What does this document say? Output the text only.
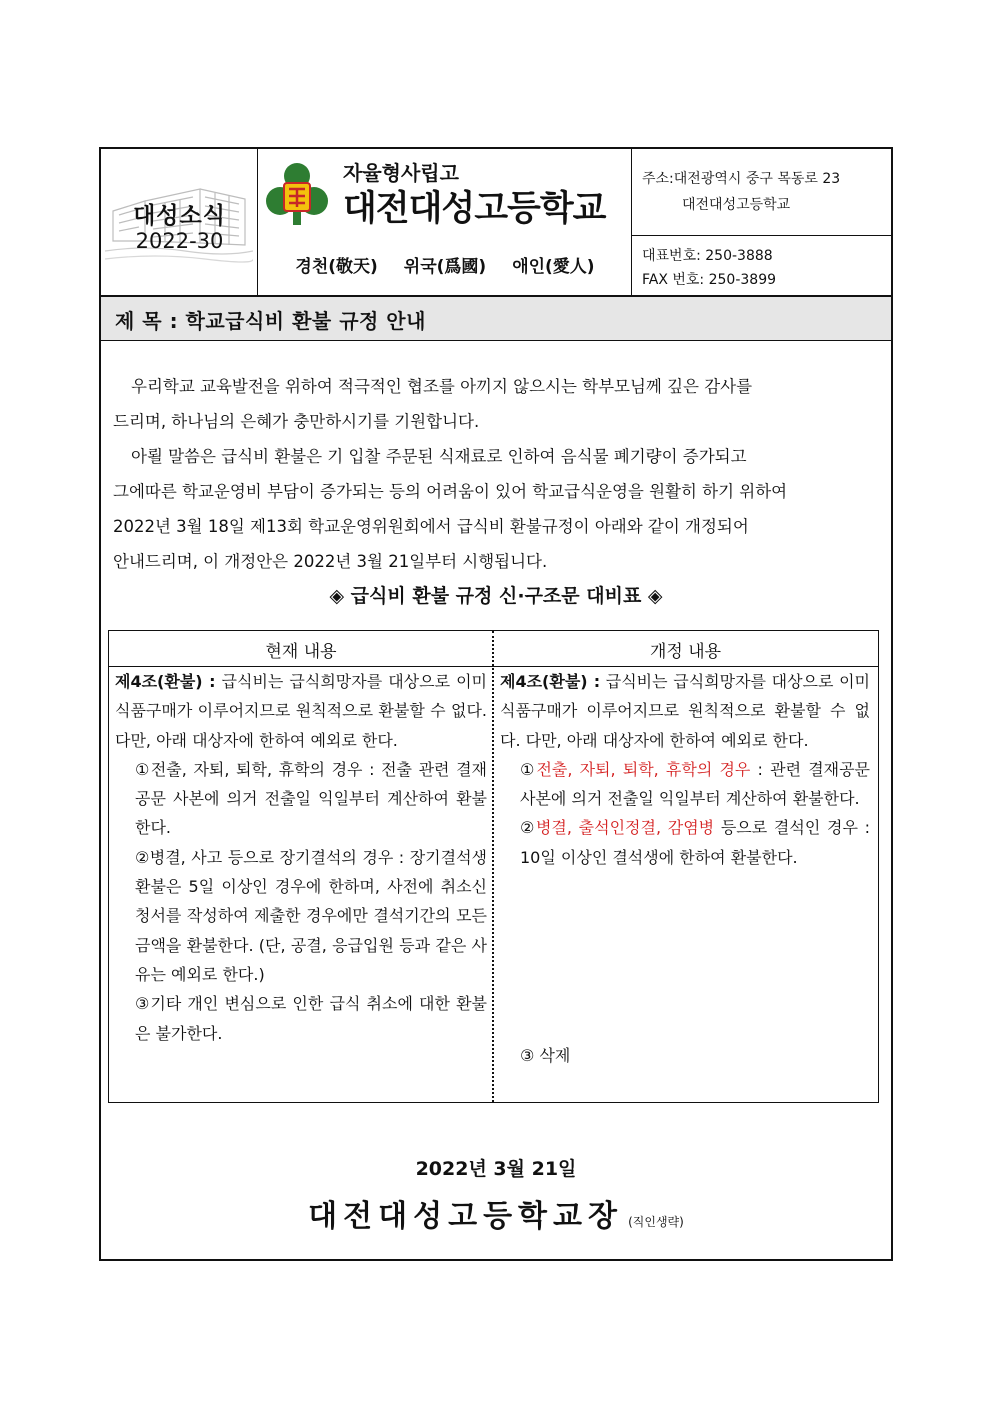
대성소식
2022-30
자율형사립고
대전대성고등학교
경천(敬天) 위국(爲國) 애인(愛人)
주소:대전광역시 중구 목동로 23
대전대성고등학교
대표번호: 250-3888
FAX 번호: 250-3899
제 목 : 학교급식비 환불 규정 안내

우리학교 교육발전을 위하여 적극적인 협조를 아끼지 않으시는 학부모님께 깊은 감사를

드리며, 하나님의 은혜가 충만하시기를 기원합니다.

아뢸 말씀은 급식비 환불은 기 입찰 주문된 식재료로 인하여 음식물 폐기량이 증가되고

그에따른 학교운영비 부담이 증가되는 등의 어려움이 있어 학교급식운영을 원활히 하기 위하여

2022년 3월 18일 제13회 학교운영위원회에서 급식비 환불규정이 아래와 같이 개정되어

안내드리며, 이 개정안은 2022년 3월 21일부터 시행됩니다.

◈ 급식비 환불 규정 신·구조문 대비표 ◈
현재 내용	개정 내용
제4조(환불) : 급식비는 급식희망자를 대상으로 이미 식품구매가 이루어지므로 원칙적으로 환불할 수 없다. 다만, 아래 대상자에 한하여 예외로 한다.
①전출, 자퇴, 퇴학, 휴학의 경우 : 전출 관련 결재공문 사본에 의거 전출일 익일부터 계산하여 환불한다.
②병결, 사고 등으로 장기결석의 경우 : 장기결석생 환불은 5일 이상인 경우에 한하며, 사전에 취소신청서를 작성하여 제출한 경우에만 결석기간의 모든 금액을 환불한다. (단, 공결, 응급입원 등과 같은 사유는 예외로 한다.)
③기타 개인 변심으로 인한 급식 취소에 대한 환불은 불가한다.
제4조(환불) : 급식비는 급식희망자를 대상으로 이미 식품구매가 이루어지므로 원칙적으로 환불할 수 없다. 다만, 아래 대상자에 한하여 예외로 한다.
①전출, 자퇴, 퇴학, 휴학의 경우 : 관련 결재공문 사본에 의거 전출일 익일부터 계산하여 환불한다.
②병결, 출석인정결, 감염병 등으로 결석인 경우 : 10일 이상인 결석생에 한하여 환불한다.
③ 삭제
2022년 3월 21일
대전대성고등학교장 (직인생략)
